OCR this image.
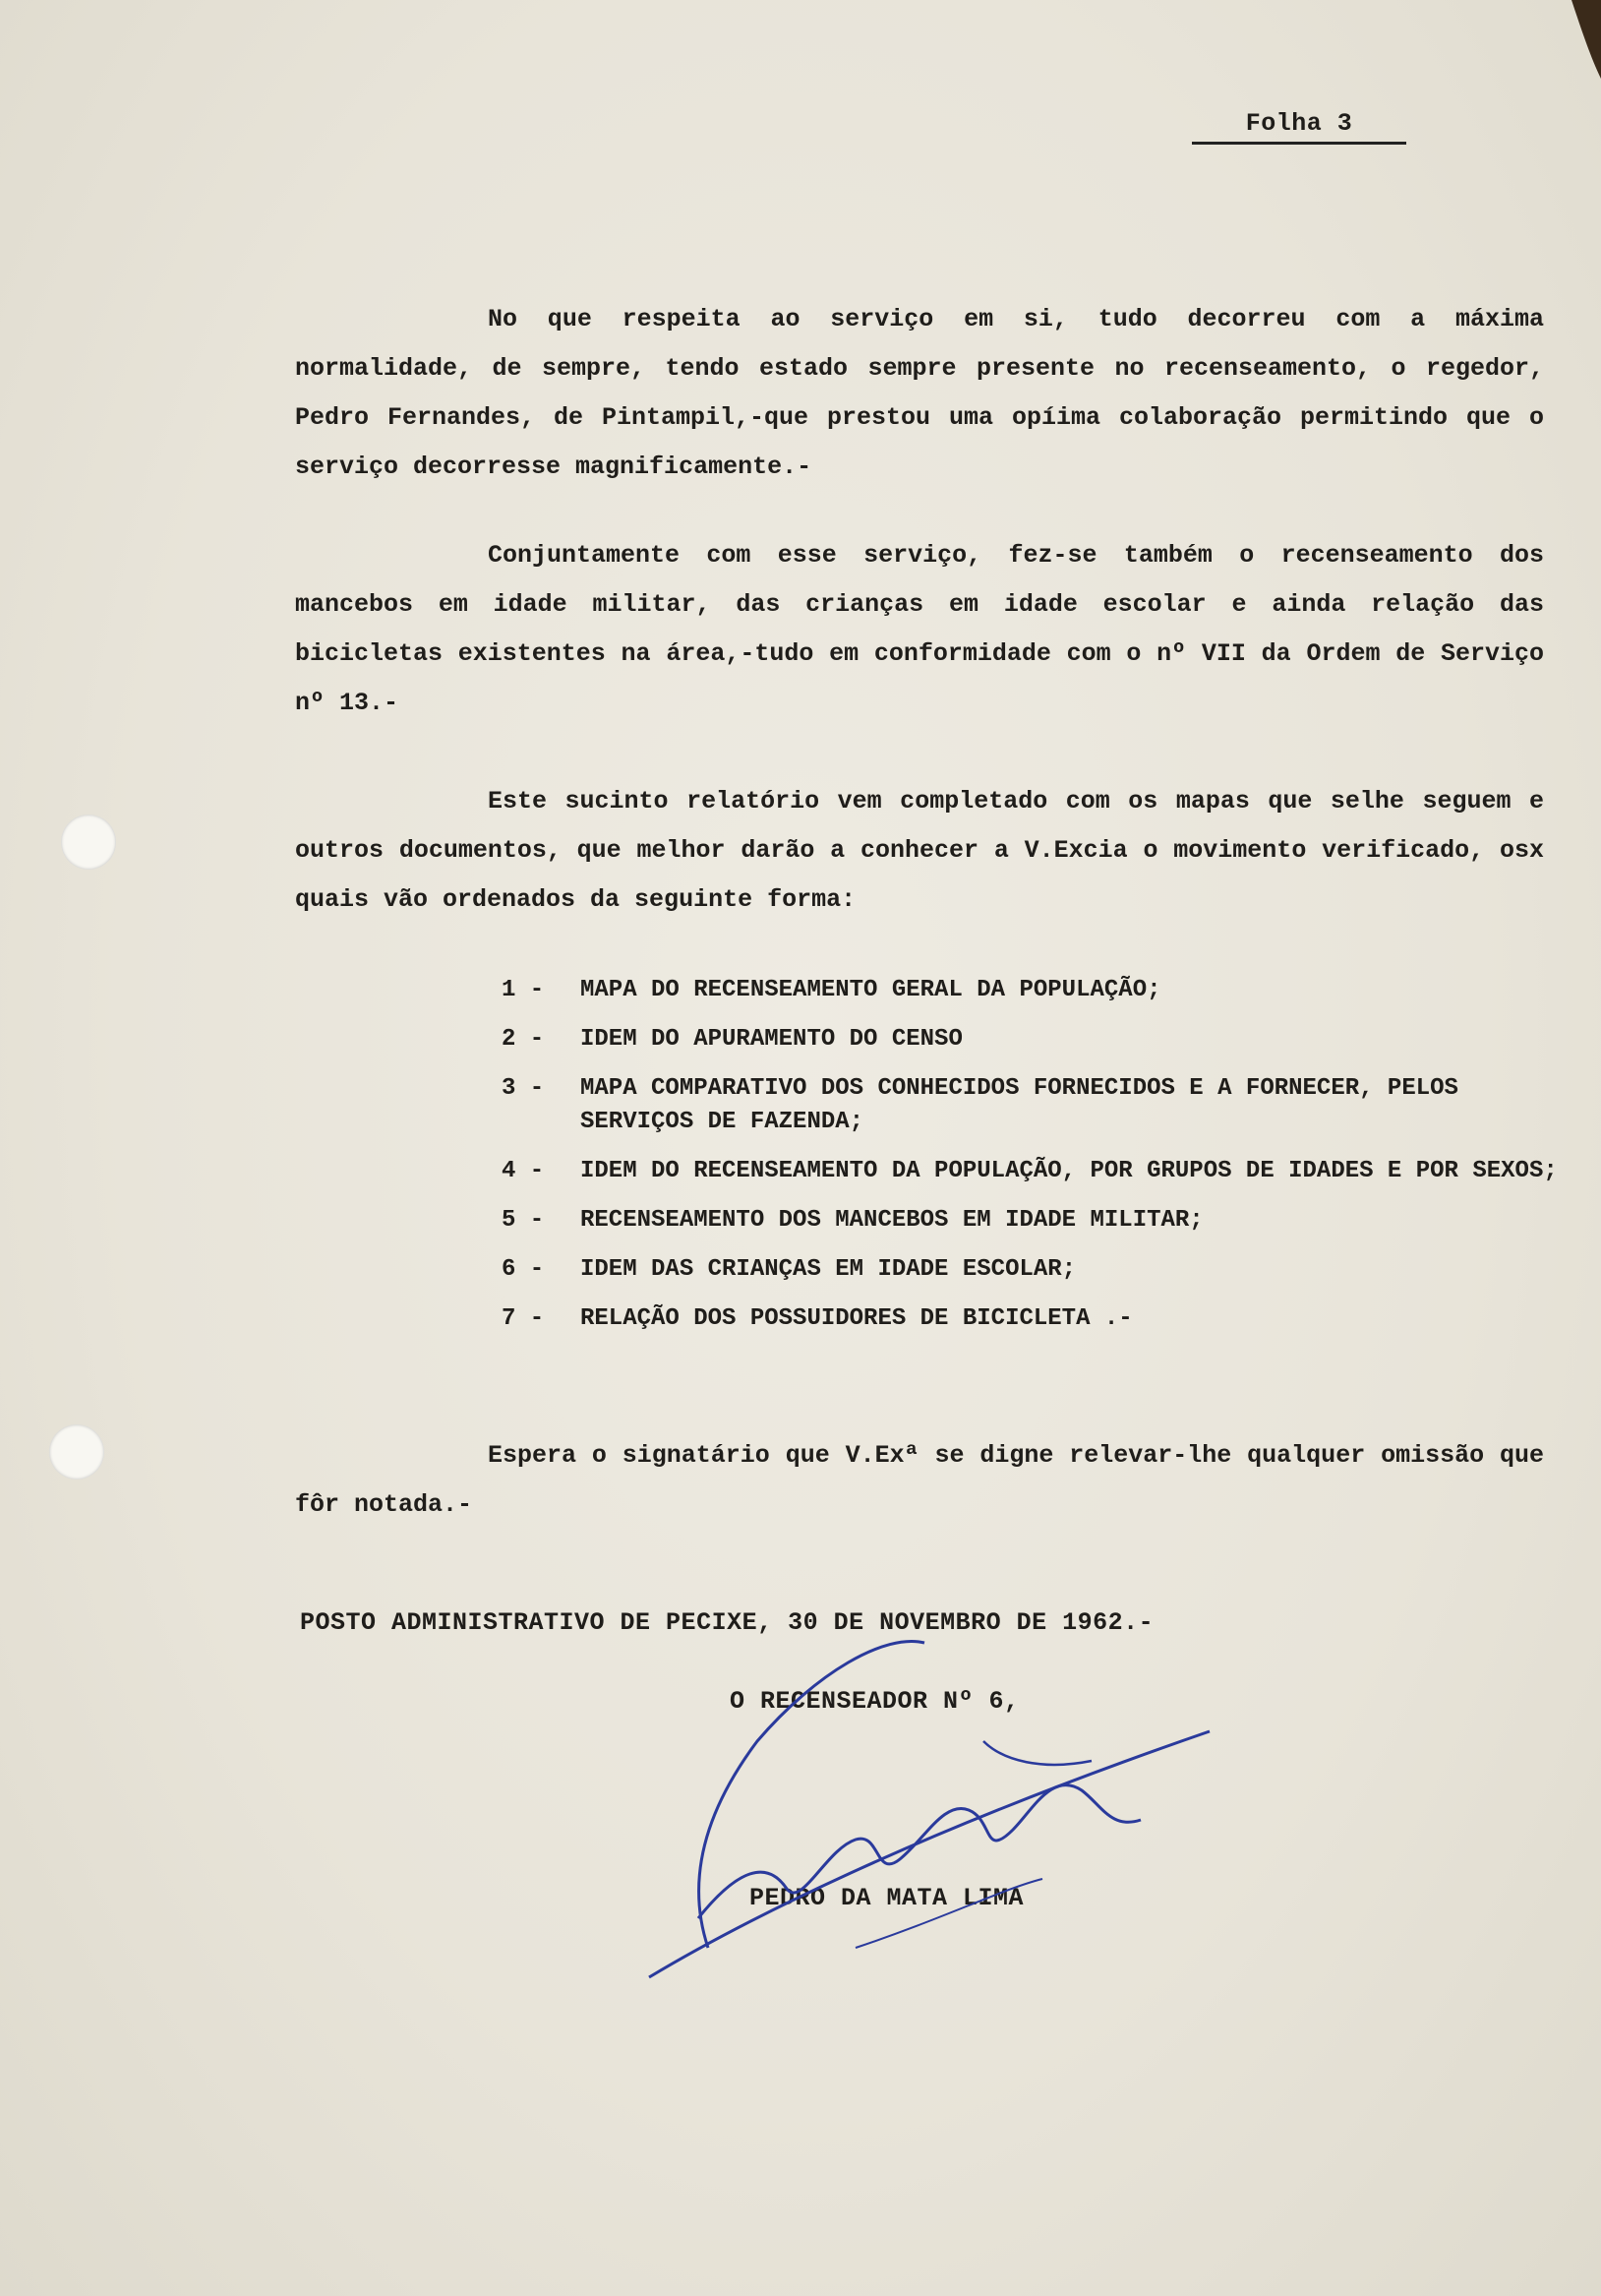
Folha 3
No que respeita ao serviço em si, tudo decorreu com a máxima normalidade, de sempre, tendo estado sempre presente no recenseamento, o regedor, Pedro Fernandes, de Pintampil,-que prestou uma opíima colaboração permitindo que o serviço decorresse magnificamente.-
Conjuntamente com esse serviço, fez-se também o recenseamento dos mancebos em idade militar, das crianças em idade escolar e ainda relação das bicicletas existentes na área,-tudo em conformidade com o nº VII da Ordem de Serviço nº 13.-
Este sucinto relatório vem completado com os mapas que selhe seguem e outros documentos, que melhor darão a conhecer a V.Excia o movimento verificado, osx quais vão ordenados da seguinte forma:
1 -	MAPA DO RECENSEAMENTO GERAL DA POPULAÇÃO;
2 -	IDEM DO APURAMENTO DO CENSO
3 -	MAPA COMPARATIVO DOS CONHECIDOS FORNECIDOS E A FORNECER, PELOS SERVIÇOS DE FAZENDA;
4 -	IDEM DO RECENSEAMENTO DA POPULAÇÃO, POR GRUPOS DE IDADES E POR SEXOS;
5 -	RECENSEAMENTO DOS MANCEBOS EM IDADE MILITAR;
6 -	IDEM DAS CRIANÇAS EM IDADE ESCOLAR;
7 -	RELAÇÃO DOS POSSUIDORES DE BICICLETA .-
Espera o signatário que V.Exª se digne relevar-lhe qualquer omissão que fôr notada.-
POSTO ADMINISTRATIVO DE PECIXE, 30 DE NOVEMBRO DE 1962.-
O RECENSEADOR Nº 6,
PEDRO DA MATA LIMA
